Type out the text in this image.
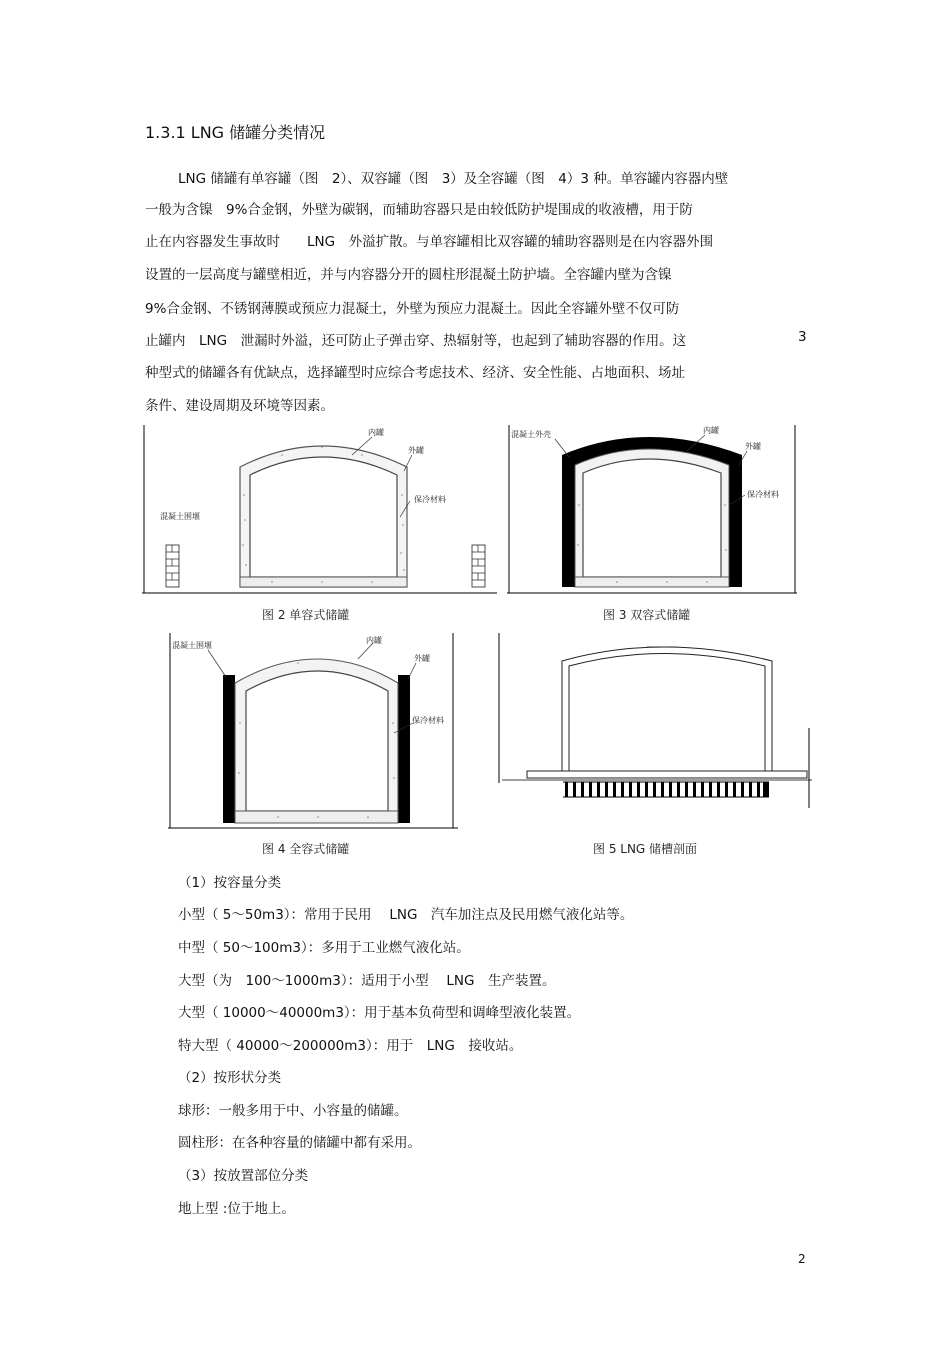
1.3.1 LNG 储罐分类情况
LNG 储罐有单容罐（图　2）、双容罐（图　3）及全容罐（图　4）3 种。单容罐内容器内壁
一般为含镍　9%合金钢，外壁为碳钢，而辅助容器只是由较低防护堤围成的收液槽，用于防
止在内容器发生事故时　　LNG　外溢扩散。与单容罐相比双容罐的辅助容器则是在内容器外围
设置的一层高度与罐壁相近，并与内容器分开的圆柱形混凝土防护墙。全容罐内壁为含镍
9%合金钢、不锈钢薄膜或预应力混凝土，外壁为预应力混凝土。因此全容罐外壁不仅可防
止罐内　LNG　泄漏时外溢，还可防止子弹击穿、热辐射等，也起到了辅助容器的作用。这
种型式的储罐各有优缺点，选择罐型时应综合考虑技术、经济、安全性能、占地面积、场址
条件、建设周期及环境等因素。
3
内罐
外罐
保冷材料
混凝土围堰
图 2 单容式储罐
混凝土外壳	内罐
外罐
保冷材料
图 3 双容式储罐
混凝土围堰
内罐
外罐
保冷材料
图 4 全容式储罐	图 5 LNG 储槽剖面
（1）按容量分类
小型（ 5～50m3）：常用于民用　 LNG　汽车加注点及民用燃气液化站等。
中型（ 50～100m3）：多用于工业燃气液化站。
大型（为　100～1000m3）：适用于小型　 LNG　生产装置。
大型（ 10000～40000m3）：用于基本负荷型和调峰型液化装置。
特大型（ 40000～200000m3）：用于　LNG　接收站。
（2）按形状分类
球形：一般多用于中、小容量的储罐。
圆柱形：在各种容量的储罐中都有采用。
（3）按放置部位分类
地上型 :位于地上。
2
